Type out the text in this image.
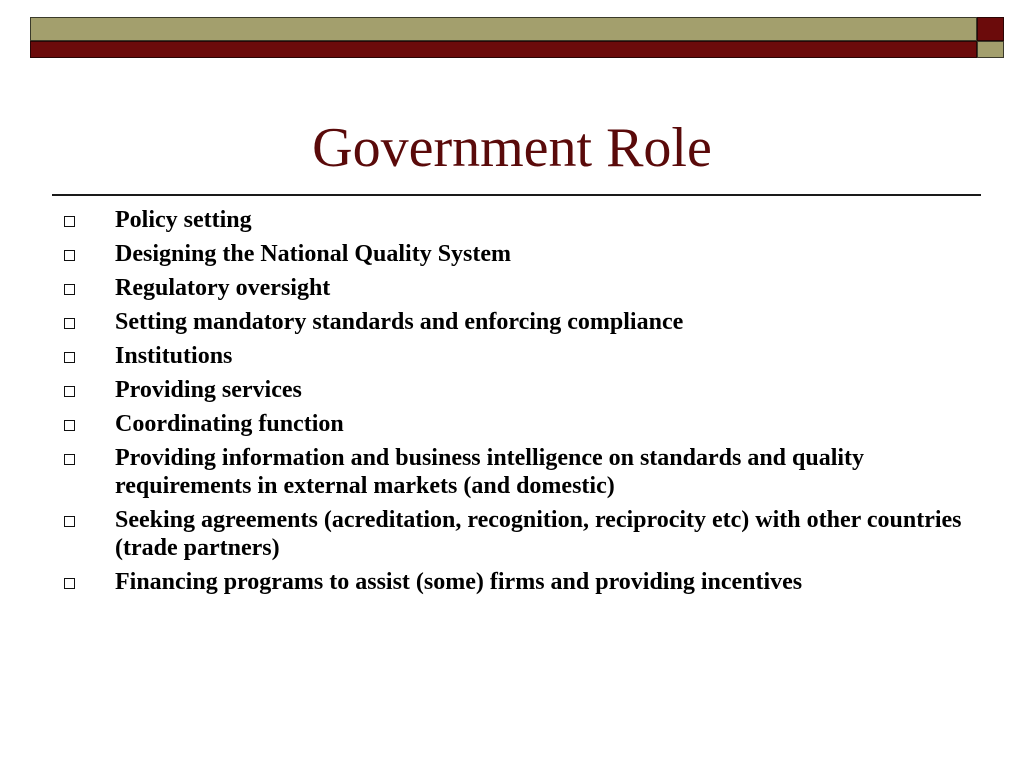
Government Role
Policy setting
Designing the National Quality System
Regulatory oversight
Setting mandatory standards and enforcing compliance
Institutions
Providing services
Coordinating function
Providing information and business intelligence on standards and quality requirements in external markets (and domestic)
Seeking agreements (acreditation, recognition, reciprocity etc) with other countries (trade partners)
Financing programs to assist (some) firms and providing incentives
